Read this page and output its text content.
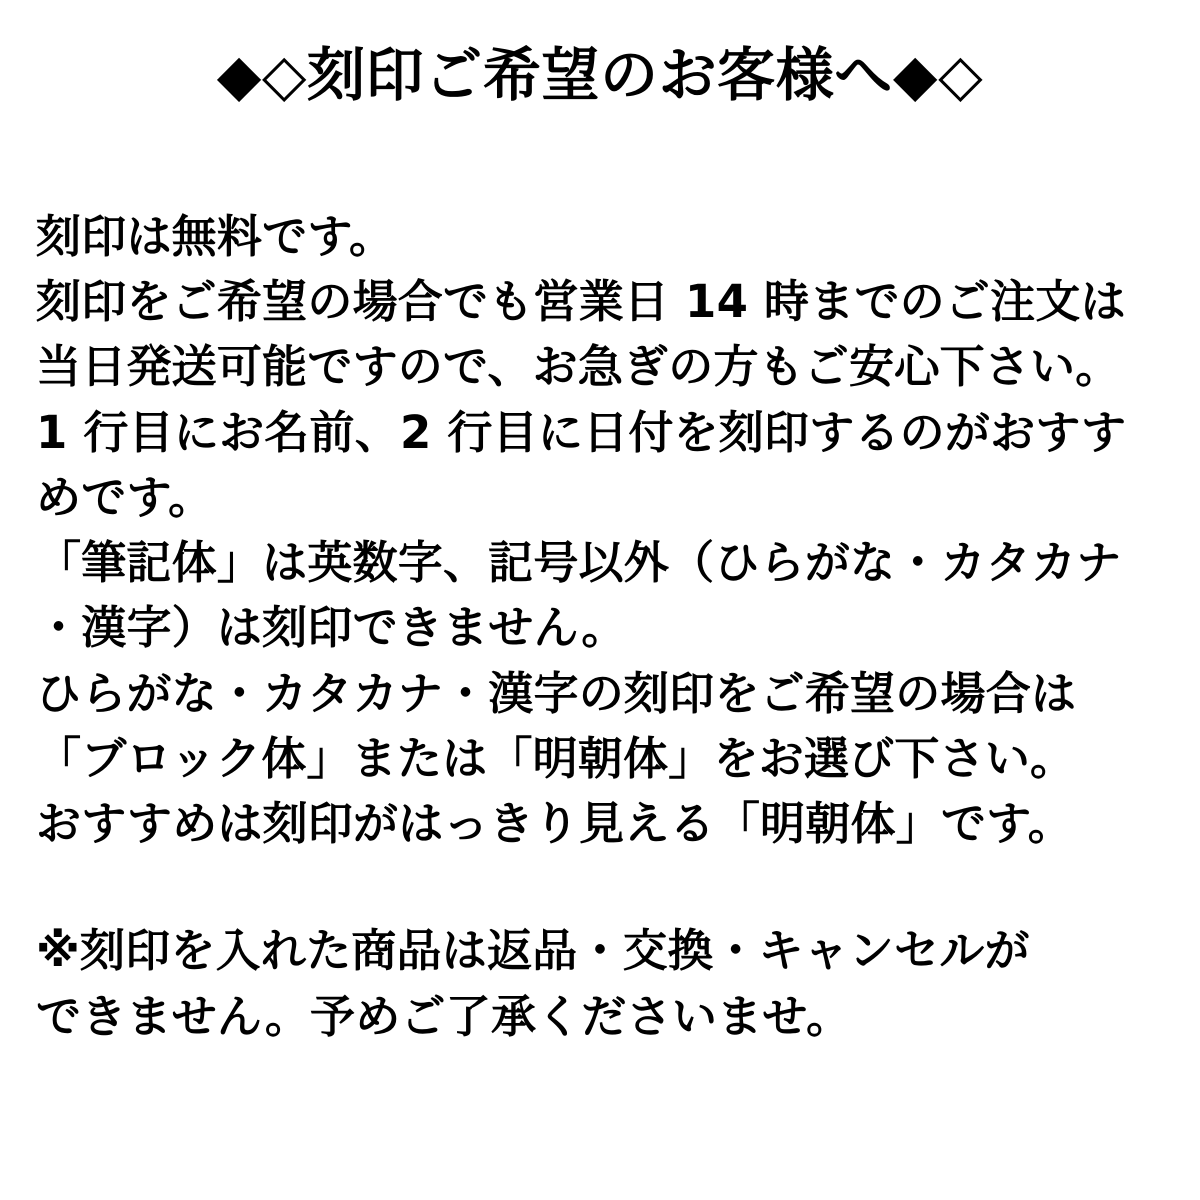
◆◇刻印ご希望のお客様へ◆◇

刻印は無料です。
刻印をご希望の場合でも営業日 14 時までのご注文は
当日発送可能ですので、お急ぎの方もご安心下さい。
1 行目にお名前、2 行目に日付を刻印するのがおすす
めです。
「筆記体」は英数字、記号以外（ひらがな・カタカナ
・漢字）は刻印できません。
ひらがな・カタカナ・漢字の刻印をご希望の場合は
「ブロック体」または「明朝体」をお選び下さい。
おすすめは刻印がはっきり見える「明朝体」です。

※刻印を入れた商品は返品・交換・キャンセルが
できません。予めご了承くださいませ。
